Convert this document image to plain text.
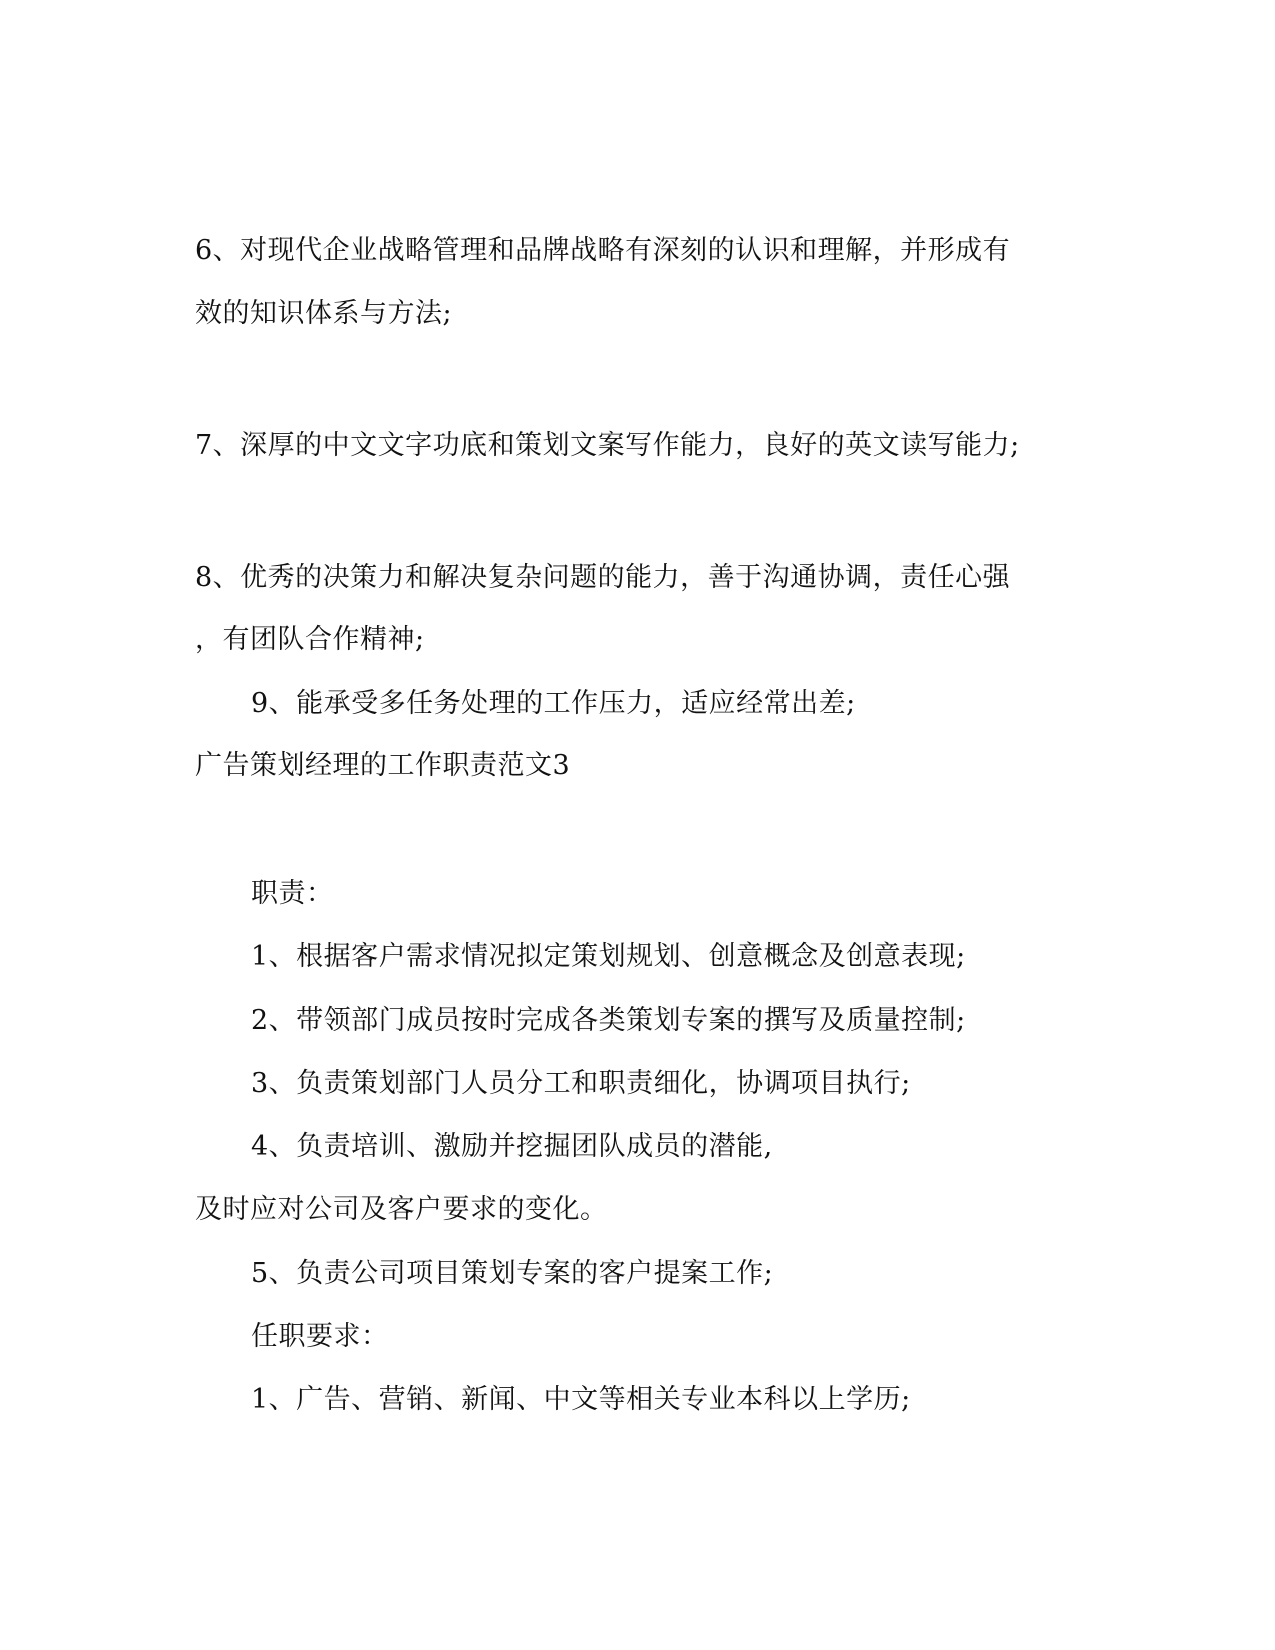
6、对现代企业战略管理和品牌战略有深刻的认识和理解，并形成有

效的知识体系与方法;

7、深厚的中文文字功底和策划文案写作能力，良好的英文读写能力;

8、优秀的决策力和解决复杂问题的能力，善于沟通协调，责任心强

，有团队合作精神;

9、能承受多任务处理的工作压力，适应经常出差;

广告策划经理的工作职责范文3

职责：

1、根据客户需求情况拟定策划规划、创意概念及创意表现;

2、带领部门成员按时完成各类策划专案的撰写及质量控制;

3、负责策划部门人员分工和职责细化，协调项目执行;

4、负责培训、激励并挖掘团队成员的潜能,

及时应对公司及客户要求的变化。

5、负责公司项目策划专案的客户提案工作;

任职要求：

1、广告、营销、新闻、中文等相关专业本科以上学历;
